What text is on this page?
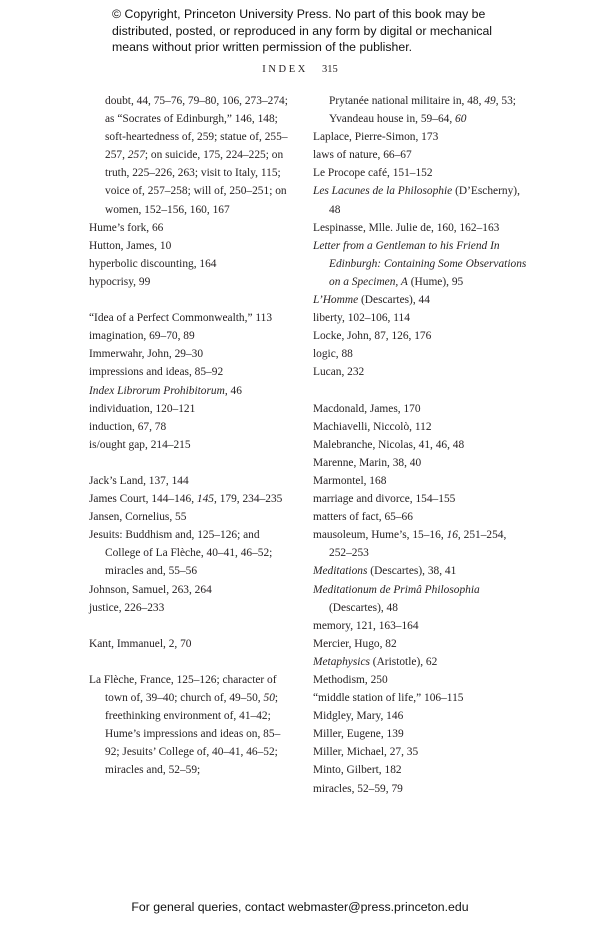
© Copyright, Princeton University Press. No part of this book may be distributed, posted, or reproduced in any form by digital or mechanical means without prior written permission of the publisher.
INDEX 315
doubt, 44, 75–76, 79–80, 106, 273–274; as “Socrates of Edinburgh,” 146, 148; soft-heartedness of, 259; statue of, 255–257, 257; on suicide, 175, 224–225; on truth, 225–226, 263; visit to Italy, 115; voice of, 257–258; will of, 250–251; on women, 152–156, 160, 167
Hume’s fork, 66
Hutton, James, 10
hyperbolic discounting, 164
hypocrisy, 99
“Idea of a Perfect Commonwealth,” 113
imagination, 69–70, 89
Immerwahr, John, 29–30
impressions and ideas, 85–92
Index Librorum Prohibitorum, 46
individuation, 120–121
induction, 67, 78
is/ought gap, 214–215
Jack’s Land, 137, 144
James Court, 144–146, 145, 179, 234–235
Jansen, Cornelius, 55
Jesuits: Buddhism and, 125–126; and College of La Flèche, 40–41, 46–52; miracles and, 55–56
Johnson, Samuel, 263, 264
justice, 226–233
Kant, Immanuel, 2, 70
La Flèche, France, 125–126; character of town of, 39–40; church of, 49–50, 50; freethinking environment of, 41–42; Hume’s impressions and ideas on, 85–92; Jesuits’ College of, 40–41, 46–52; miracles and, 52–59;
Prytanée national militaire in, 48, 49, 53; Yvandeau house in, 59–64, 60
Laplace, Pierre-Simon, 173
laws of nature, 66–67
Le Procope café, 151–152
Les Lacunes de la Philosophie (D’Escherny), 48
Lespinasse, Mlle. Julie de, 160, 162–163
Letter from a Gentleman to his Friend In Edinburgh: Containing Some Observations on a Specimen, A (Hume), 95
L’Homme (Descartes), 44
liberty, 102–106, 114
Locke, John, 87, 126, 176
logic, 88
Lucan, 232
Macdonald, James, 170
Machiavelli, Niccolò, 112
Malebranche, Nicolas, 41, 46, 48
Marenne, Marin, 38, 40
Marmontel, 168
marriage and divorce, 154–155
matters of fact, 65–66
mausoleum, Hume’s, 15–16, 16, 251–254, 252–253
Meditations (Descartes), 38, 41
Meditationum de Primâ Philosophia (Descartes), 48
memory, 121, 163–164
Mercier, Hugo, 82
Metaphysics (Aristotle), 62
Methodism, 250
“middle station of life,” 106–115
Midgley, Mary, 146
Miller, Eugene, 139
Miller, Michael, 27, 35
Minto, Gilbert, 182
miracles, 52–59, 79
For general queries, contact webmaster@press.princeton.edu
